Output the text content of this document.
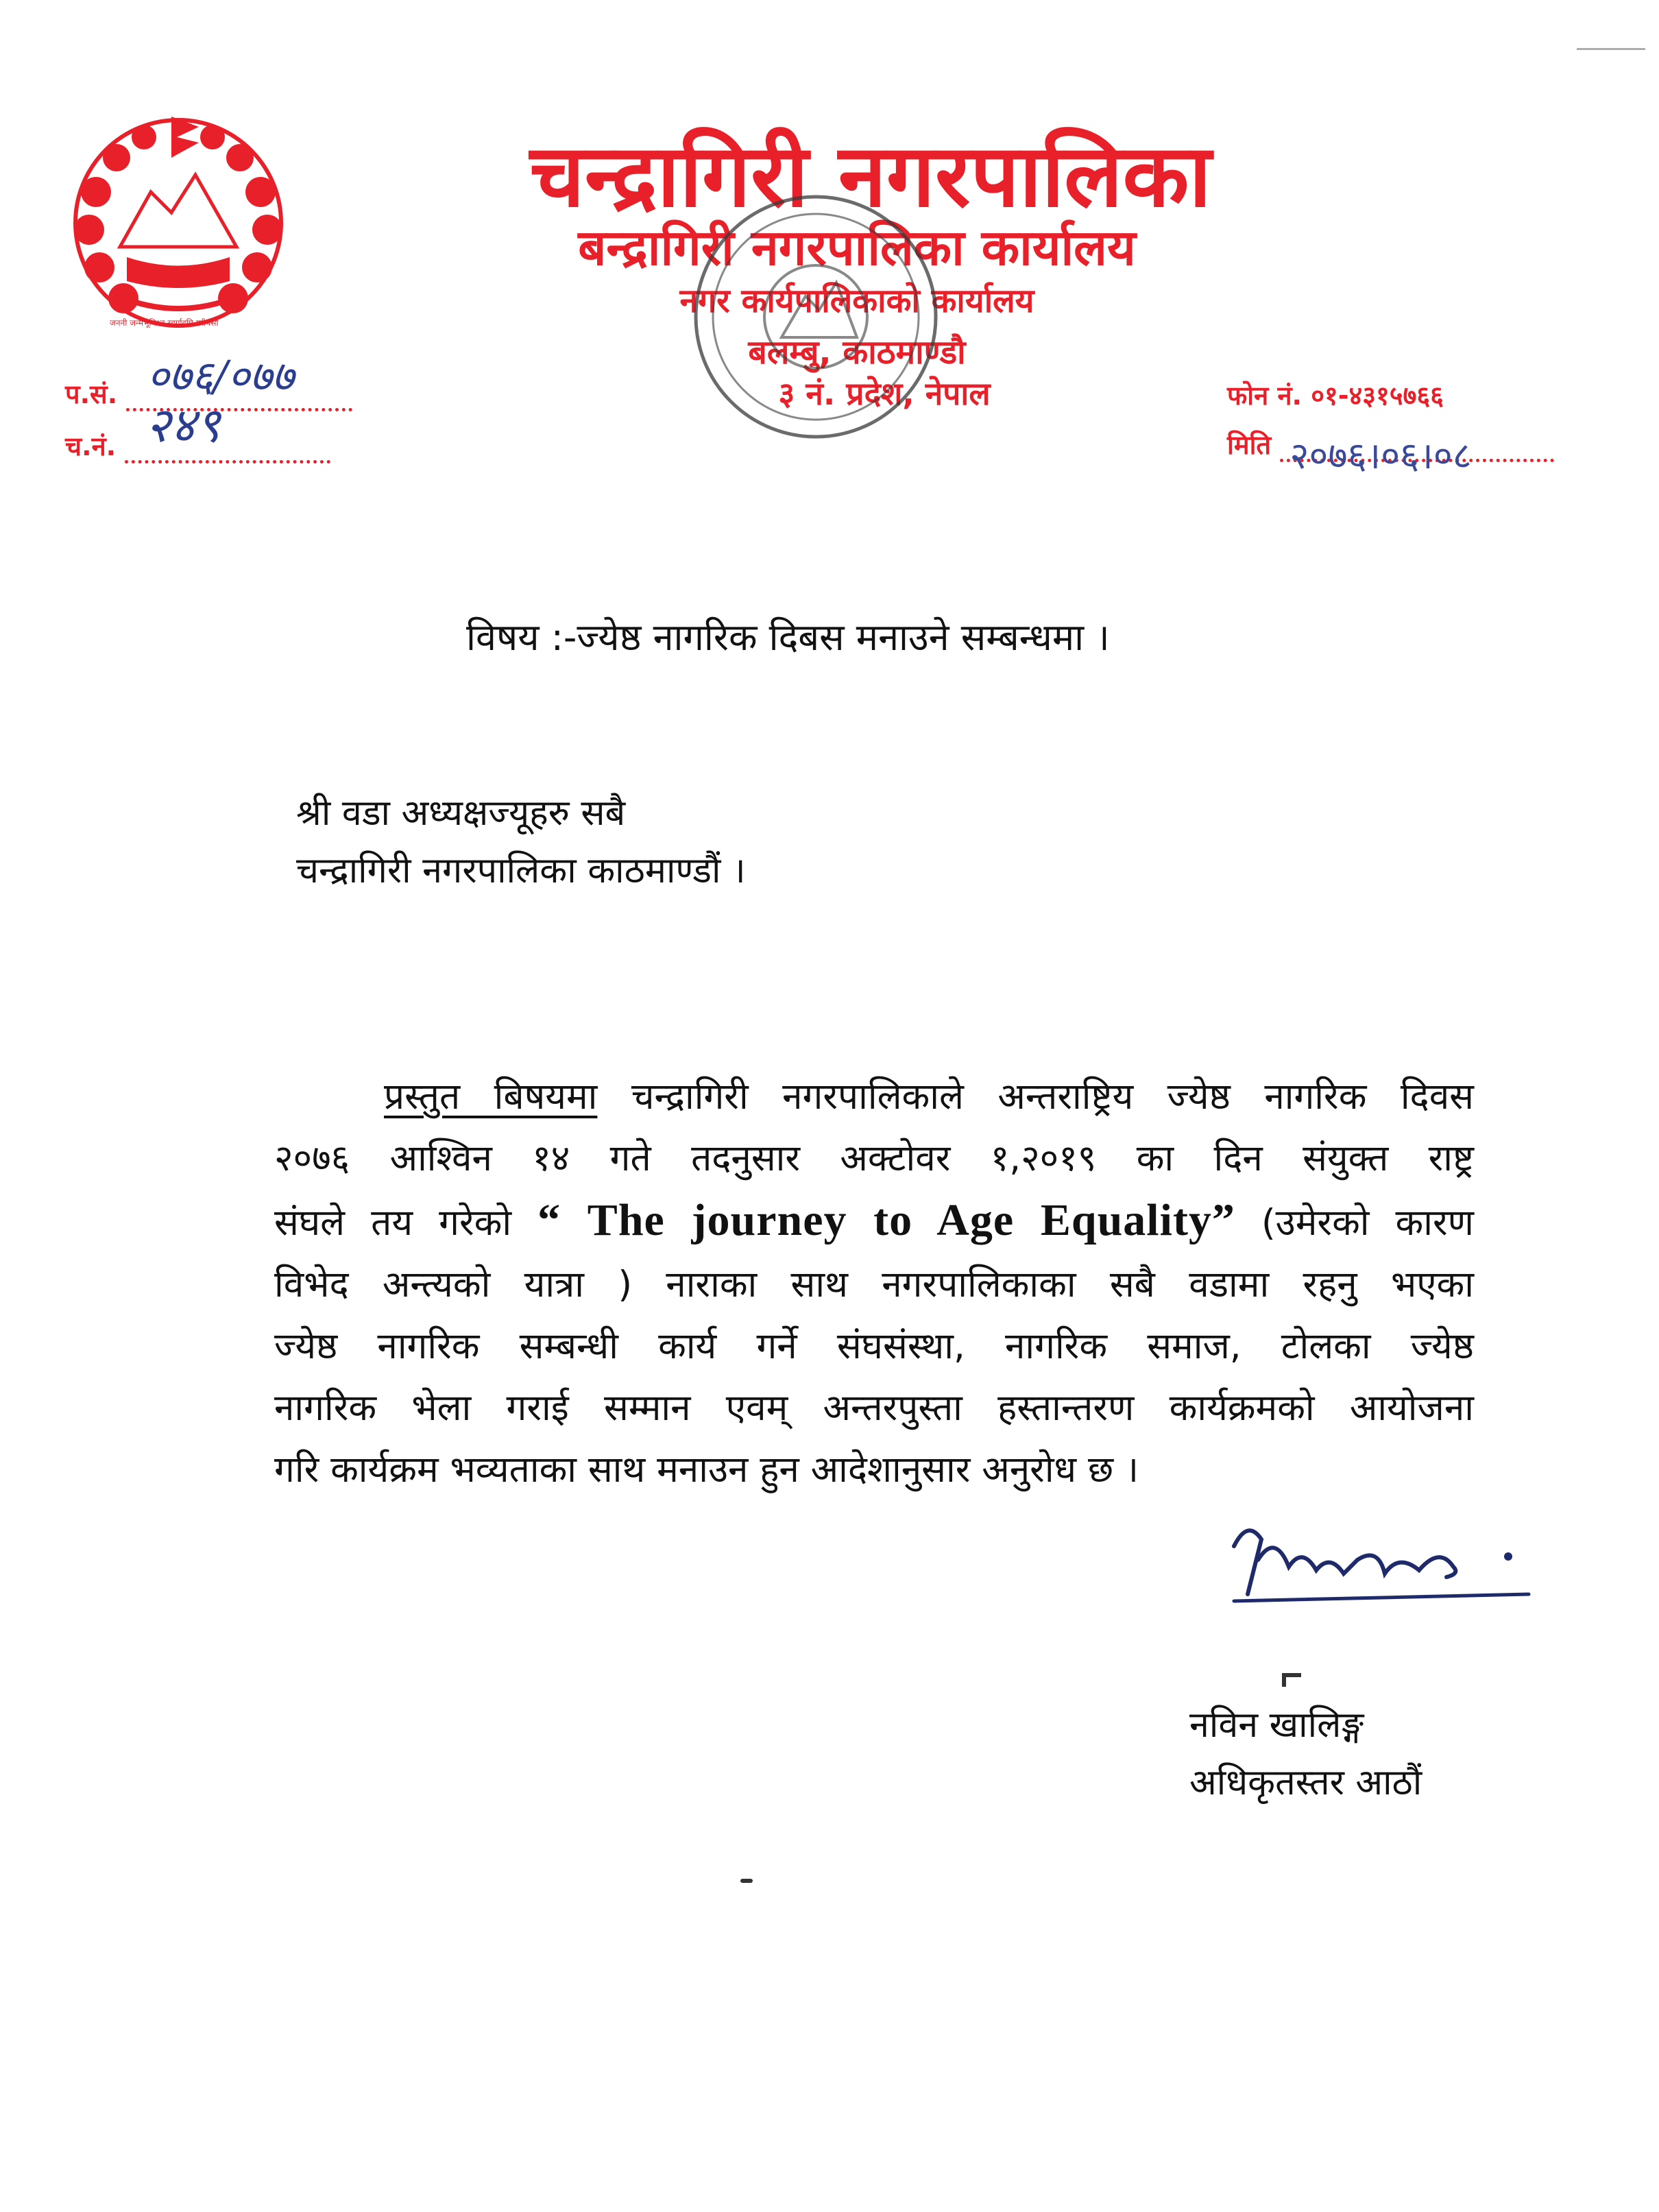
जननी जन्मभूमिश्च स्वर्गादपि गरीयसी
चन्द्रागिरी नगरपालिका
बन्द्रागिरी नगरपालिका कार्यालय
नगर कार्यपालिकाको कार्यालय
बलम्बु, काठमाण्डौ
३ नं. प्रदेश, नेपाल
प.सं. ०७६/०७७
च.नं. २४९
फोन नं. ०१-४३१५७६६
मिति २०७६।०६।०८
विषय :-ज्येष्ठ नागरिक दिबस मनाउने सम्बन्धमा ।
श्री वडा अध्यक्षज्यूहरु सबै
चन्द्रागिरी नगरपालिका काठमाण्डौं ।
प्रस्तुत बिषयमा चन्द्रागिरी नगरपालिकाले अन्तराष्ट्रिय ज्येष्ठ नागरिक दिवस
२०७६ आश्विन १४ गते तदनुसार अक्टोवर १,२०१९ का दिन संयुक्त राष्ट्र
संघले तय गरेको “ The journey to Age Equality” (उमेरको कारण
विभेद अन्त्यको यात्रा ) नाराका साथ नगरपालिकाका सबै वडामा रहनु भएका
ज्येष्ठ नागरिक सम्बन्धी कार्य गर्ने संघसंस्था, नागरिक समाज, टोलका ज्येष्ठ
नागरिक भेला गराई सम्मान एवम् अन्तरपुस्ता हस्तान्तरण कार्यक्रमको आयोजना
गरि कार्यक्रम भव्यताका साथ मनाउन हुन आदेशानुसार अनुरोध छ ।
नविन खालिङ्ग
अधिकृतस्तर आठौं
